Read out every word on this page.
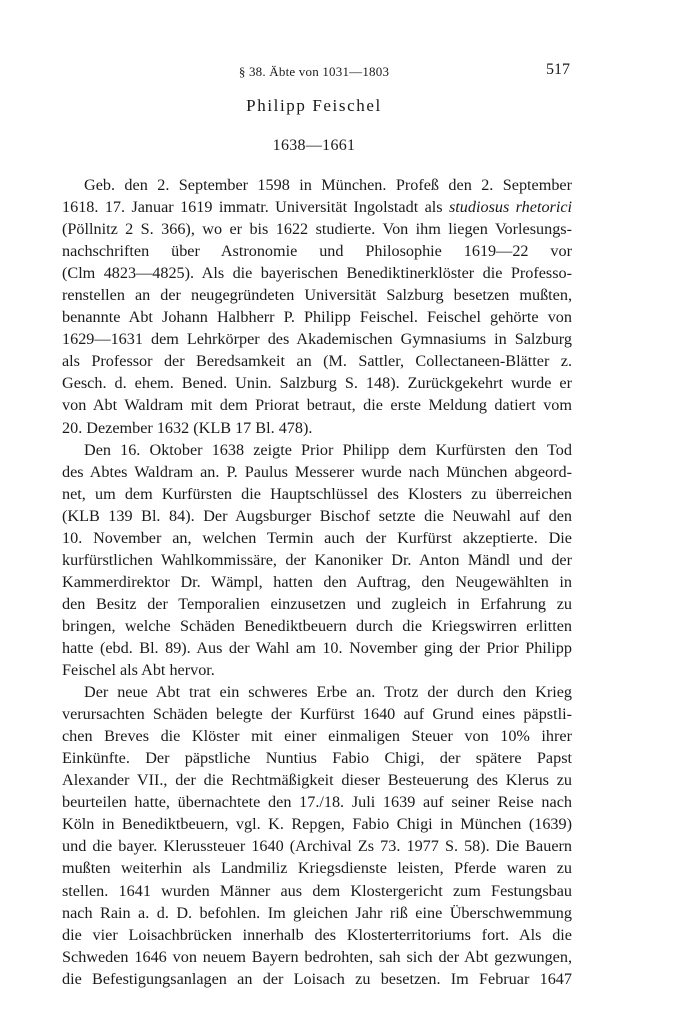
§ 38. Äbte von 1031—1803	517
Philipp Feischel
1638—1661
Geb. den 2. September 1598 in München. Profeß den 2. September
1618. 17. Januar 1619 immatr. Universität Ingolstadt als studiosus rhetorici
(Pöllnitz 2 S. 366), wo er bis 1622 studierte. Von ihm liegen Vorlesungs-
nachschriften über Astronomie und Philosophie 1619—22 vor
(Clm 4823—4825). Als die bayerischen Benediktinerklöster die Professo-
renstellen an der neugegründeten Universität Salzburg besetzen mußten,
benannte Abt Johann Halbherr P. Philipp Feischel. Feischel gehörte von
1629—1631 dem Lehrkörper des Akademischen Gymnasiums in Salzburg
als Professor der Beredsamkeit an (M. Sattler, Collectaneen-Blätter z.
Gesch. d. ehem. Bened. Unin. Salzburg S. 148). Zurückgekehrt wurde er
von Abt Waldram mit dem Priorat betraut, die erste Meldung datiert vom
20. Dezember 1632 (KLB 17 Bl. 478).
Den 16. Oktober 1638 zeigte Prior Philipp dem Kurfürsten den Tod
des Abtes Waldram an. P. Paulus Messerer wurde nach München abgeord-
net, um dem Kurfürsten die Hauptschlüssel des Klosters zu überreichen
(KLB 139 Bl. 84). Der Augsburger Bischof setzte die Neuwahl auf den
10. November an, welchen Termin auch der Kurfürst akzeptierte. Die
kurfürstlichen Wahlkommissäre, der Kanoniker Dr. Anton Mändl und der
Kammerdirektor Dr. Wämpl, hatten den Auftrag, den Neugewählten in
den Besitz der Temporalien einzusetzen und zugleich in Erfahrung zu
bringen, welche Schäden Benediktbeuern durch die Kriegswirren erlitten
hatte (ebd. Bl. 89). Aus der Wahl am 10. November ging der Prior Philipp
Feischel als Abt hervor.
Der neue Abt trat ein schweres Erbe an. Trotz der durch den Krieg
verursachten Schäden belegte der Kurfürst 1640 auf Grund eines päpstli-
chen Breves die Klöster mit einer einmaligen Steuer von 10% ihrer
Einkünfte. Der päpstliche Nuntius Fabio Chigi, der spätere Papst
Alexander VII., der die Rechtmäßigkeit dieser Besteuerung des Klerus zu
beurteilen hatte, übernachtete den 17./18. Juli 1639 auf seiner Reise nach
Köln in Benediktbeuern, vgl. K. Repgen, Fabio Chigi in München (1639)
und die bayer. Klerussteuer 1640 (Archival Zs 73. 1977 S. 58). Die Bauern
mußten weiterhin als Landmiliz Kriegsdienste leisten, Pferde waren zu
stellen. 1641 wurden Männer aus dem Klostergericht zum Festungsbau
nach Rain a. d. D. befohlen. Im gleichen Jahr riß eine Überschwemmung
die vier Loisachbrücken innerhalb des Klosterterritoriums fort. Als die
Schweden 1646 von neuem Bayern bedrohten, sah sich der Abt gezwungen,
die Befestigungsanlagen an der Loisach zu besetzen. Im Februar 1647
